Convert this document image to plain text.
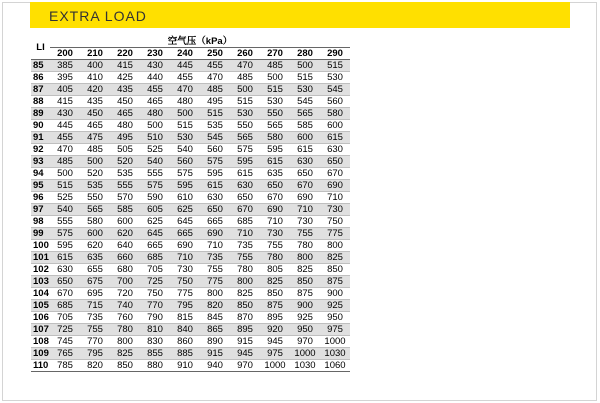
EXTRA LOAD
LI	空气压（kPa）									
	200	210	220	230	240	250	260	270	280	290
85	385	400	415	430	445	455	470	485	500	515
86	395	410	425	440	455	470	485	500	515	530
87	405	420	435	455	470	485	500	515	530	545
88	415	435	450	465	480	495	515	530	545	560
89	430	450	465	480	500	515	530	550	565	580
90	445	465	480	500	515	535	550	565	585	600
91	455	475	495	510	530	545	565	580	600	615
92	470	485	505	525	540	560	575	595	615	630
93	485	500	520	540	560	575	595	615	630	650
94	500	520	535	555	575	595	615	635	650	670
95	515	535	555	575	595	615	630	650	670	690
96	525	550	570	590	610	630	650	670	690	710
97	540	565	585	605	625	650	670	690	710	730
98	555	580	600	625	645	665	685	710	730	750
99	575	600	620	645	665	690	710	730	755	775
100	595	620	640	665	690	710	735	755	780	800
101	615	635	660	685	710	735	755	780	800	825
102	630	655	680	705	730	755	780	805	825	850
103	650	675	700	725	750	775	800	825	850	875
104	670	695	720	750	775	800	825	850	875	900
105	685	715	740	770	795	820	850	875	900	925
106	705	735	760	790	815	845	870	895	925	950
107	725	755	780	810	840	865	895	920	950	975
108	745	770	800	830	860	890	915	945	970	1000
109	765	795	825	855	885	915	945	975	1000	1030
110	785	820	850	880	910	940	970	1000	1030	1060
